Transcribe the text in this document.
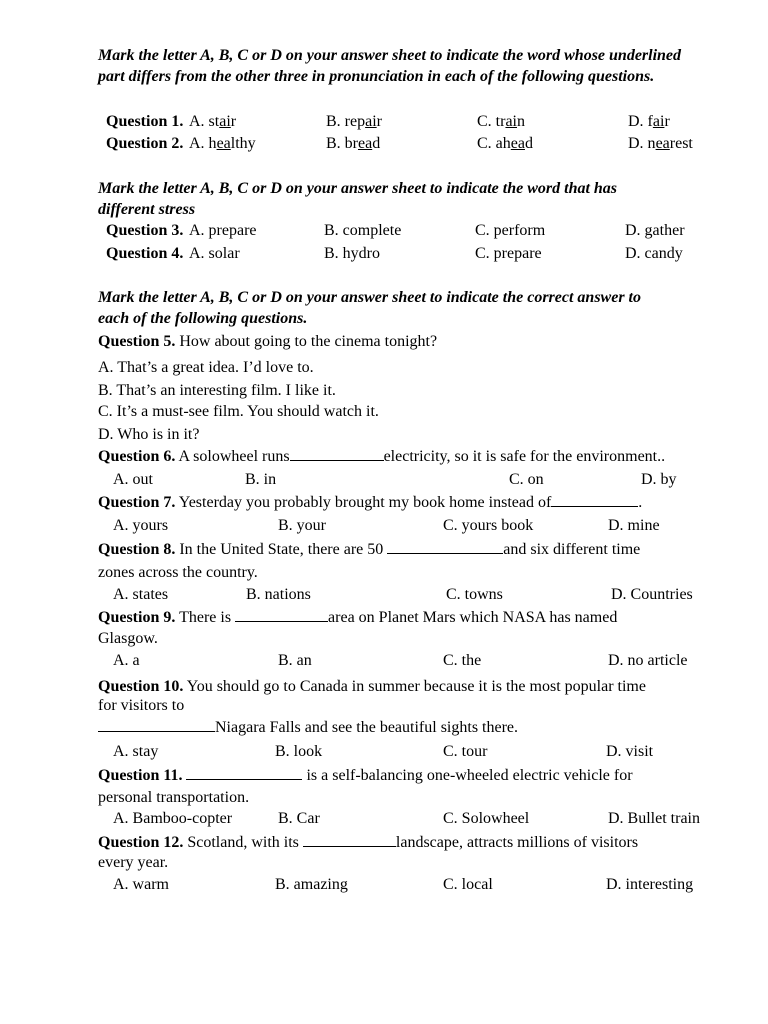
Mark the letter A, B, C or D on your answer sheet to indicate the word whose underlined part differs from the other three in pronunciation in each of the following questions.
Question 1. A. stair	B. repair	C. train	D. fair
Question 2. A. healthy	B. bread	C. ahead	D. nearest
Mark the letter A, B, C or D on your answer sheet to indicate the word that has different stress
Question 3. A. prepare	B. complete	C. perform	D. gather
Question 4. A. solar	B. hydro	C. prepare	D. candy
Mark the letter A, B, C or D on your answer sheet to indicate the correct answer to each of the following questions.
Question 5. How about going to the cinema tonight?
A. That’s a great idea. I’d love to.
B. That’s an interesting film. I like it.
C. It’s a must-see film. You should watch it.
D. Who is in it?
Question 6. A solowheel runs	electricity, so it is safe for the environment..
A. out	B. in	C. on	D. by
Question 7. Yesterday you probably brought my book home instead of	.
A. yours	B. your	C. yours book	D. mine
Question 8. In the United State, there are 50	and six different time
zones across the country.
A. states	B. nations	C. towns	D. Countries
Question 9. There is	area on Planet Mars which NASA has named
Glasgow.
A. a	B. an	C. the	D. no article
Question 10. You should go to Canada in summer because it is the most popular time
for visitors to
Niagara Falls and see the beautiful sights there.
A. stay	B. look	C. tour	D. visit
Question 11.	is a self-balancing one-wheeled electric vehicle for
personal transportation.
A. Bamboo-copter	B. Car	C. Solowheel	D. Bullet train
Question 12. Scotland, with its	landscape, attracts millions of visitors
every year.
A. warm	B. amazing	C. local	D. interesting
